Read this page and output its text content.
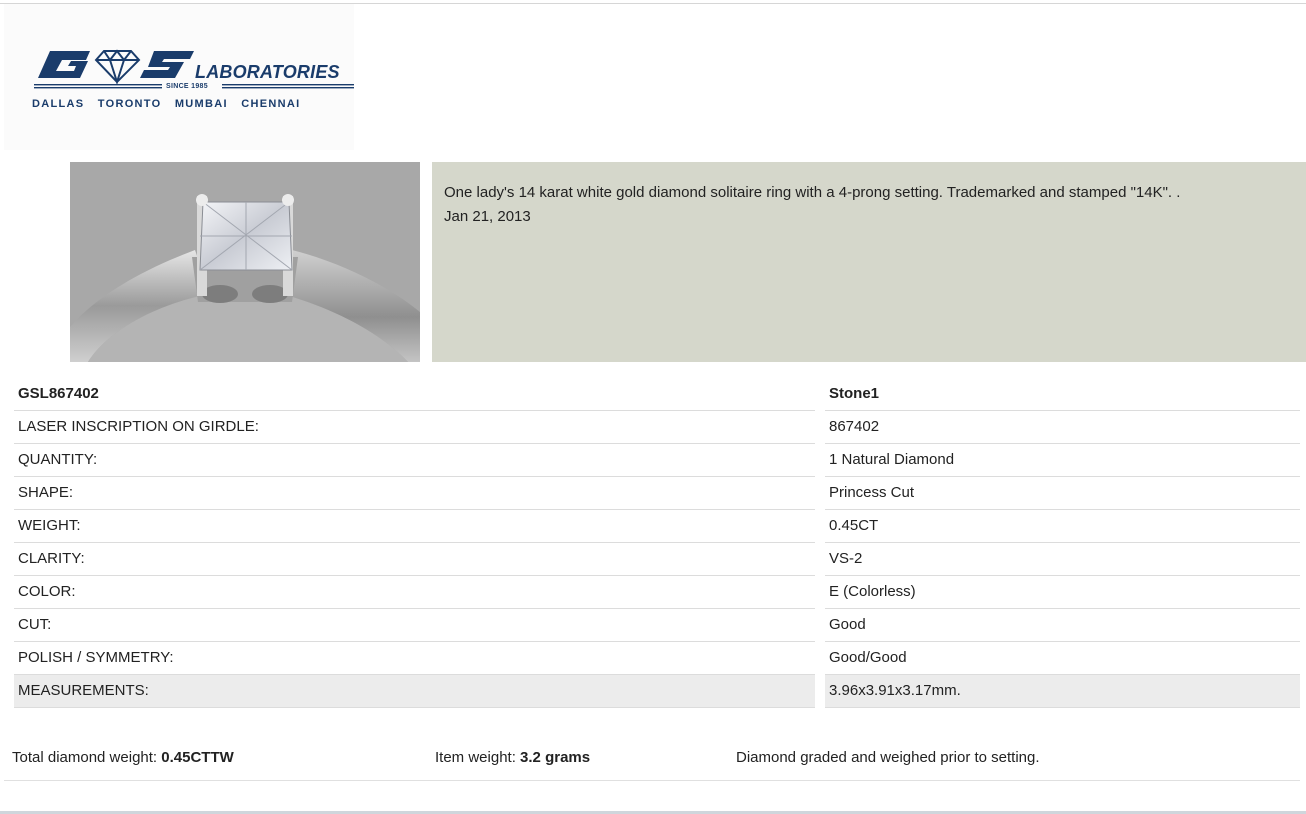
LABORATORIES
SINCE 1985
DALLAS TORONTO MUMBAI CHENNAI
One lady's 14 karat white gold diamond solitaire ring with a 4-prong setting. Trademarked and stamped "14K". .
Jan 21, 2013
GSL867402
LASER INSCRIPTION ON GIRDLE:
QUANTITY:
SHAPE:
WEIGHT:
CLARITY:
COLOR:
CUT:
POLISH / SYMMETRY:
MEASUREMENTS:
Stone1
867402
1 Natural Diamond
Princess Cut
0.45CT
VS-2
E (Colorless)
Good
Good/Good
3.96x3.91x3.17mm.
Total diamond weight: 0.45CTTW	Item weight: 3.2 grams	Diamond graded and weighed prior to setting.
